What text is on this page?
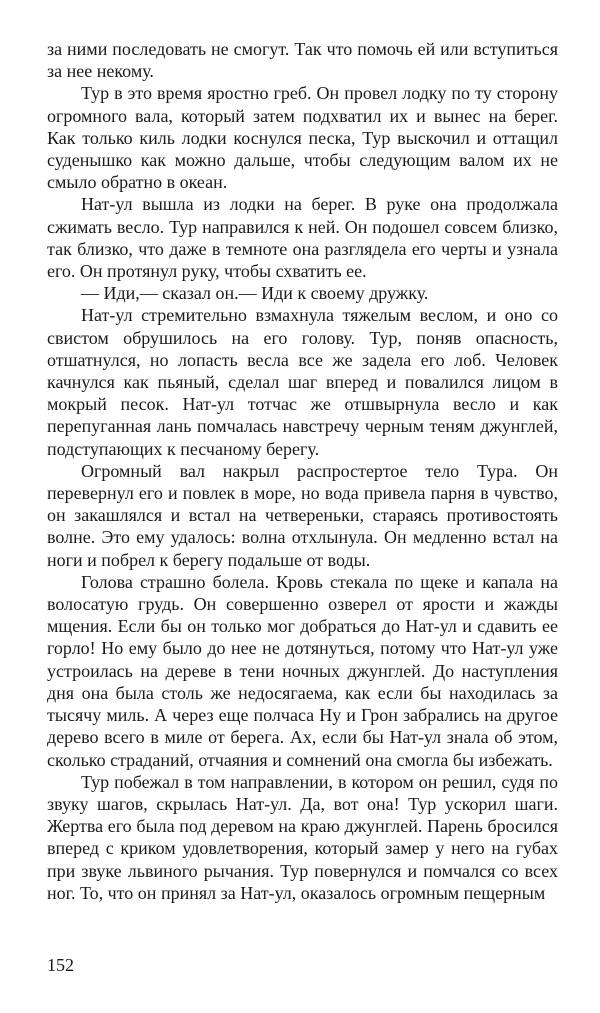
за ними последовать не смогут. Так что помочь ей или вступиться за нее некому.

Тур в это время яростно греб. Он провел лодку по ту сторону огромного вала, который затем подхватил их и вынес на берег. Как только киль лодки коснулся песка, Тур выскочил и оттащил суденышко как можно дальше, чтобы следующим валом их не смыло обратно в океан.

Нат-ул вышла из лодки на берег. В руке она продолжала сжимать весло. Тур направился к ней. Он подошел совсем близко, так близко, что даже в темноте она разглядела его черты и узнала его. Он протянул руку, чтобы схватить ее.

— Иди,— сказал он.— Иди к своему дружку.

Нат-ул стремительно взмахнула тяжелым веслом, и оно со свистом обрушилось на его голову. Тур, поняв опасность, отшатнулся, но лопасть весла все же задела его лоб. Человек качнулся как пьяный, сделал шаг вперед и повалился лицом в мокрый песок. Нат-ул тотчас же отшвырнула весло и как перепуганная лань помчалась навстречу черным теням джунглей, подступающих к песчаному берегу.

Огромный вал накрыл распростертое тело Тура. Он перевернул его и повлек в море, но вода привела парня в чувство, он закашлялся и встал на четвереньки, стараясь противостоять волне. Это ему удалось: волна отхлынула. Он медленно встал на ноги и побрел к берегу подальше от воды.

Голова страшно болела. Кровь стекала по щеке и капала на волосатую грудь. Он совершенно озверел от ярости и жажды мщения. Если бы он только мог добраться до Нат-ул и сдавить ее горло! Но ему было до нее не дотянуться, потому что Нат-ул уже устроилась на дереве в тени ночных джунглей. До наступления дня она была столь же недосягаема, как если бы находилась за тысячу миль. А через еще полчаса Ну и Грон забрались на другое дерево всего в миле от берега. Ах, если бы Нат-ул знала об этом, сколько страданий, отчаяния и сомнений она смогла бы избежать.

Тур побежал в том направлении, в котором он решил, судя по звуку шагов, скрылась Нат-ул. Да, вот она! Тур ускорил шаги. Жертва его была под деревом на краю джунглей. Парень бросился вперед с криком удовлетворения, который замер у него на губах при звуке львиного рычания. Тур повернулся и помчался со всех ног. То, что он принял за Нат-ул, оказалось огромным пещерным

152
